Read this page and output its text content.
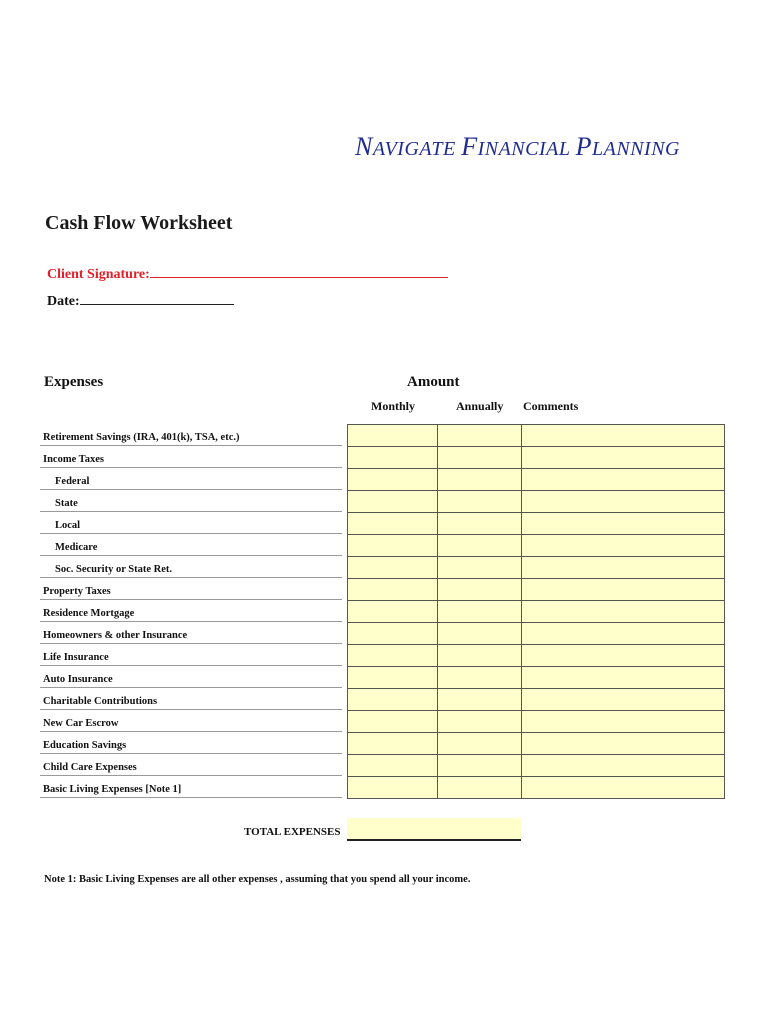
NAVIGATE FINANCIAL PLANNING
Cash Flow Worksheet
Client Signature:
Date:
Expenses	Amount
Monthly	Annually Comments
Retirement Savings (IRA, 401(k), TSA, etc.)
Income Taxes
Federal
State
Local
Medicare
Soc. Security or State Ret.
Property Taxes
Residence Mortgage
Homeowners & other Insurance
Life Insurance
Auto Insurance
Charitable Contributions
New Car Escrow
Education Savings
Child Care Expenses
Basic Living Expenses [Note 1]
TOTAL EXPENSES
Note 1: Basic Living Expenses are all other expenses , assuming that you spend all your income.
